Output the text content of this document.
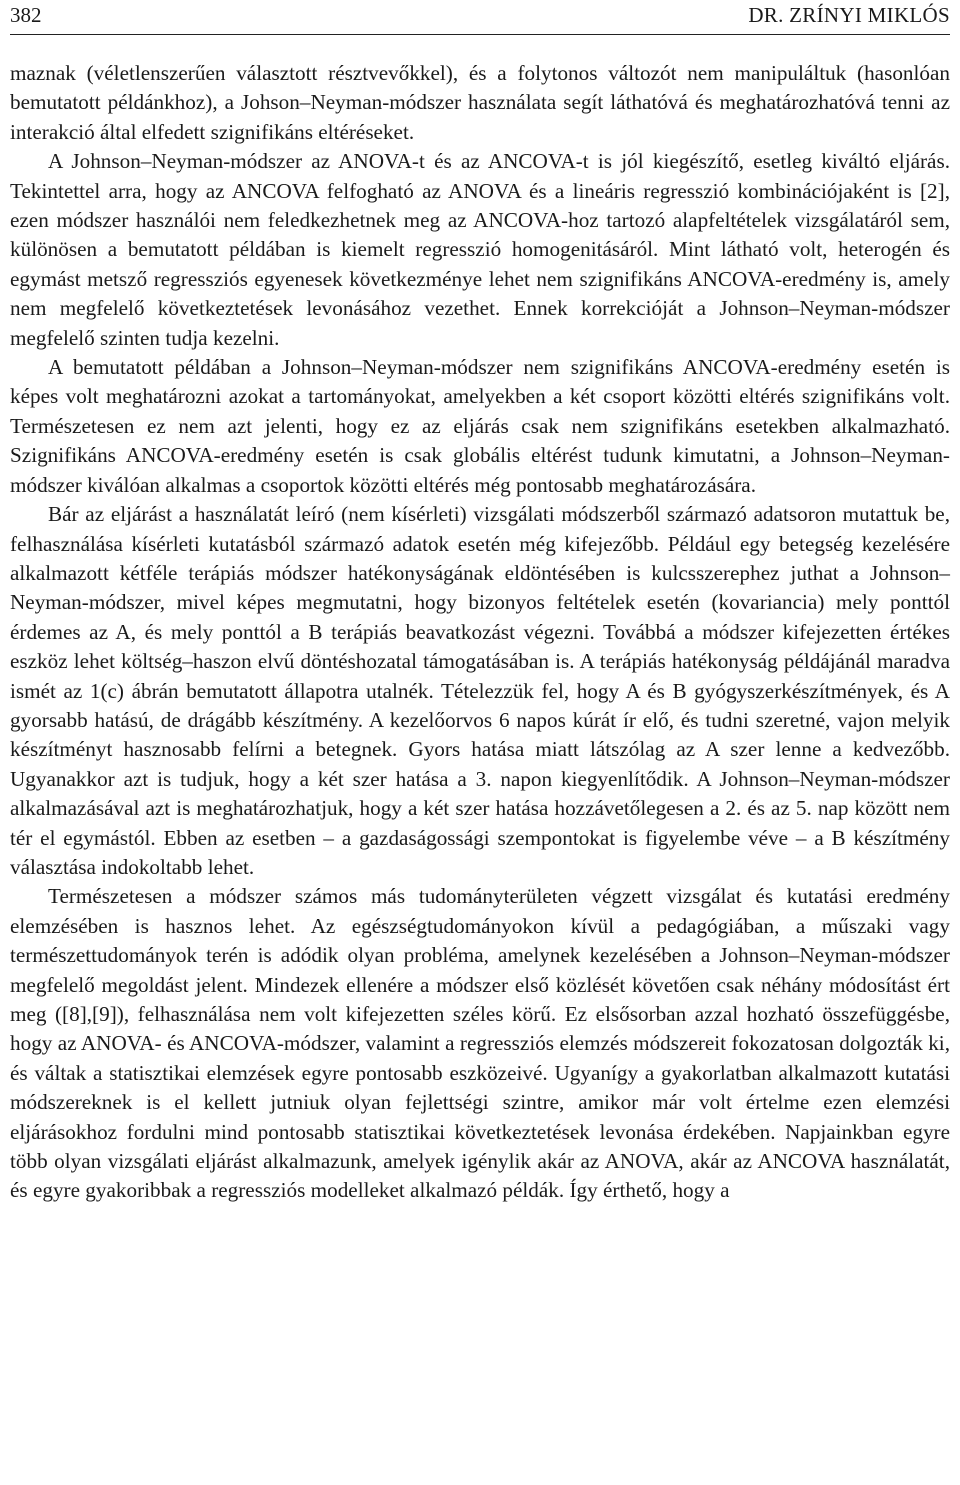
382	DR. ZRÍNYI MIKLÓS

maznak (véletlenszerűen választott résztvevőkkel), és a folytonos változót nem manipuláltuk (hasonlóan bemutatott példánkhoz), a Johson–Neyman-módszer használata segít láthatóvá és meghatározhatóvá tenni az interakció által elfedett szignifikáns eltéréseket.

A Johnson–Neyman-módszer az ANOVA-t és az ANCOVA-t is jól kiegészítő, esetleg kiváltó eljárás. Tekintettel arra, hogy az ANCOVA felfogható az ANOVA és a lineáris regresszió kombinációjaként is [2], ezen módszer használói nem feledkezhetnek meg az ANCOVA-hoz tartozó alapfeltételek vizsgálatáról sem, különösen a bemutatott példában is kiemelt regresszió homogenitásáról. Mint látható volt, heterogén és egymást metsző regressziós egyenesek következménye lehet nem szignifikáns ANCOVA-eredmény is, amely nem megfelelő következtetések levonásához vezethet. Ennek korrekcióját a Johnson–Neyman-módszer megfelelő szinten tudja kezelni.

A bemutatott példában a Johnson–Neyman-módszer nem szignifikáns ANCOVA-eredmény esetén is képes volt meghatározni azokat a tartományokat, amelyekben a két csoport közötti eltérés szignifikáns volt. Természetesen ez nem azt jelenti, hogy ez az eljárás csak nem szignifikáns esetekben alkalmazható. Szignifikáns ANCOVA-eredmény esetén is csak globális eltérést tudunk kimutatni, a Johnson–Neyman-módszer kiválóan alkalmas a csoportok közötti eltérés még pontosabb meghatározására.

Bár az eljárást a használatát leíró (nem kísérleti) vizsgálati módszerből származó adatsoron mutattuk be, felhasználása kísérleti kutatásból származó adatok esetén még kifejezőbb. Például egy betegség kezelésére alkalmazott kétféle terápiás módszer hatékonyságának eldöntésében is kulcsszerephez juthat a Johnson–Neyman-módszer, mivel képes megmutatni, hogy bizonyos feltételek esetén (kovariancia) mely ponttól érdemes az A, és mely ponttól a B terápiás beavatkozást végezni. Továbbá a módszer kifejezetten értékes eszköz lehet költség–haszon elvű döntéshozatal támogatásában is. A terápiás hatékonyság példájánál maradva ismét az 1(c) ábrán bemutatott állapotra utalnék. Tételezzük fel, hogy A és B gyógyszerkészítmények, és A gyorsabb hatású, de drágább készítmény. A kezelőorvos 6 napos kúrát ír elő, és tudni szeretné, vajon melyik készítményt hasznosabb felírni a betegnek. Gyors hatása miatt látszólag az A szer lenne a kedvezőbb. Ugyanakkor azt is tudjuk, hogy a két szer hatása a 3. napon kiegyenlítődik. A Johnson–Neyman-módszer alkalmazásával azt is meghatározhatjuk, hogy a két szer hatása hozzávetőlegesen a 2. és az 5. nap között nem tér el egymástól. Ebben az esetben – a gazdaságossági szempontokat is figyelembe véve – a B készítmény választása indokoltabb lehet.

Természetesen a módszer számos más tudományterületen végzett vizsgálat és kutatási eredmény elemzésében is hasznos lehet. Az egészségtudományokon kívül a pedagógiában, a műszaki vagy természettudományok terén is adódik olyan probléma, amelynek kezelésében a Johnson–Neyman-módszer megfelelő megoldást jelent. Mindezek ellenére a módszer első közlését követően csak néhány módosítást ért meg ([8],[9]), felhasználása nem volt kifejezetten széles körű. Ez elsősorban azzal hozható összefüggésbe, hogy az ANOVA- és ANCOVA-módszer, valamint a regressziós elemzés módszereit fokozatosan dolgozták ki, és váltak a statisztikai elemzések egyre pontosabb eszközeivé. Ugyanígy a gyakorlatban alkalmazott kutatási módszereknek is el kellett jutniuk olyan fejlettségi szintre, amikor már volt értelme ezen elemzési eljárásokhoz fordulni mind pontosabb statisztikai következtetések levonása érdekében. Napjainkban egyre több olyan vizsgálati eljárást alkalmazunk, amelyek igénylik akár az ANOVA, akár az ANCOVA használatát, és egyre gyakoribbak a regressziós modelleket alkalmazó példák. Így érthető, hogy a
